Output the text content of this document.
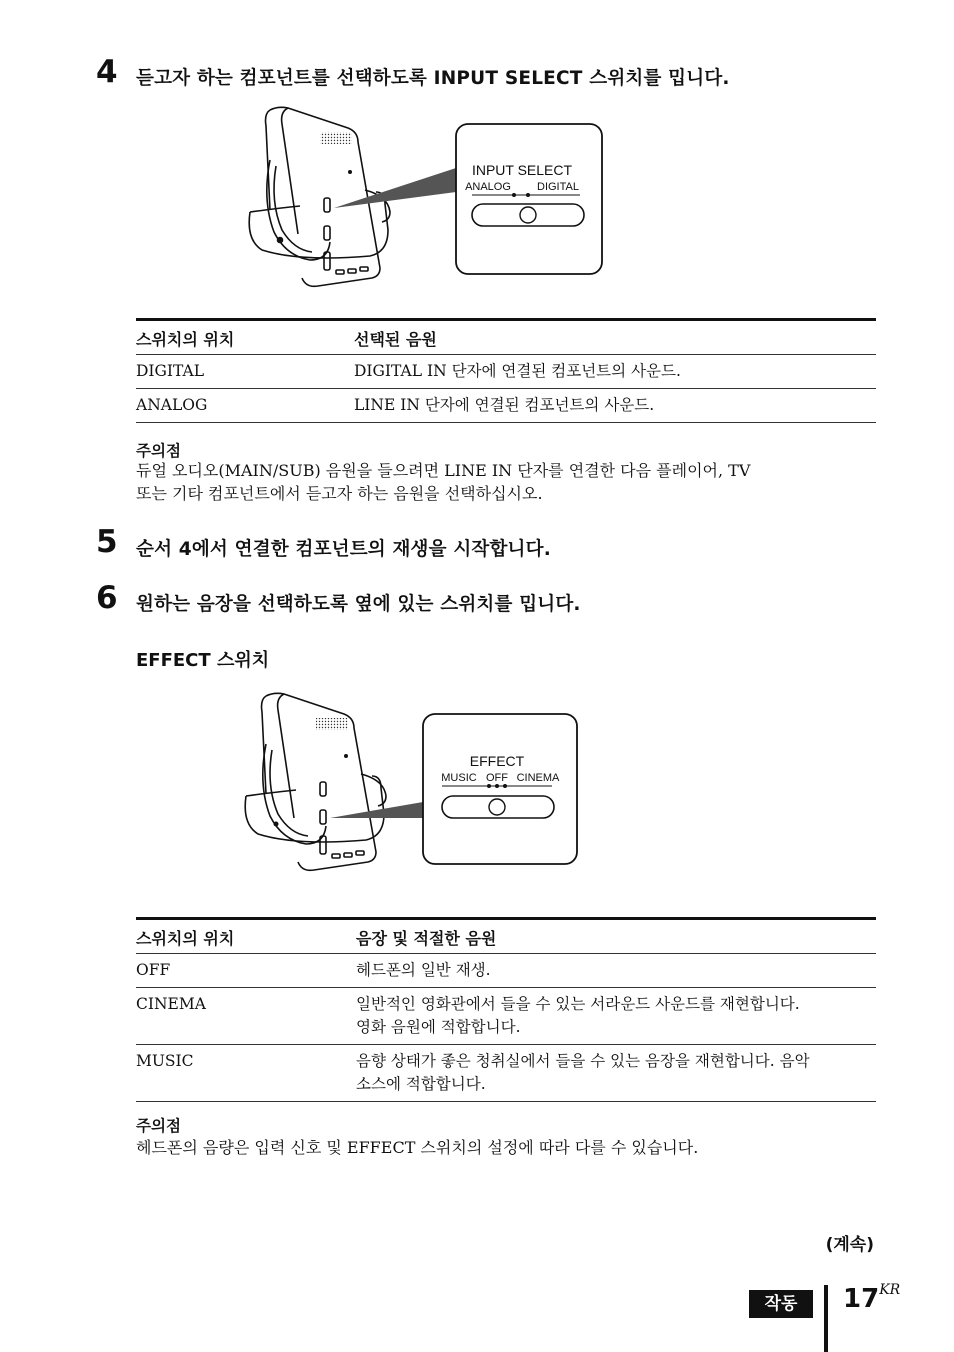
4 듣고자 하는 컴포넌트를 선택하도록 INPUT SELECT 스위치를 밉니다.
INPUT SELECT
ANALOG DIGITAL
스위치의 위치	선택된 음원
DIGITAL	DIGITAL IN 단자에 연결된 컴포넌트의 사운드.
ANALOG	LINE IN 단자에 연결된 컴포넌트의 사운드.
주의점
듀얼 오디오(MAIN/SUB) 음원을 들으려면 LINE IN 단자를 연결한 다음 플레이어, TV
또는 기타 컴포넌트에서 듣고자 하는 음원을 선택하십시오.
5 순서 4에서 연결한 컴포넌트의 재생을 시작합니다.
6 원하는 음장을 선택하도록 옆에 있는 스위치를 밉니다.
EFFECT 스위치
EFFECT
MUSIC OFF CINEMA
스위치의 위치	음장 및 적절한 음원
OFF	헤드폰의 일반 재생.

CINEMA	일반적인 영화관에서 들을 수 있는 서라운드 사운드를 재현합니다.
영화 음원에 적합합니다.

MUSIC	음향 상태가 좋은 청취실에서 들을 수 있는 음장을 재현합니다. 음악
소스에 적합합니다.
주의점
헤드폰의 음량은 입력 신호 및 EFFECT 스위치의 설정에 따라 다를 수 있습니다.
(계속)
작동	$17^{KR}$
